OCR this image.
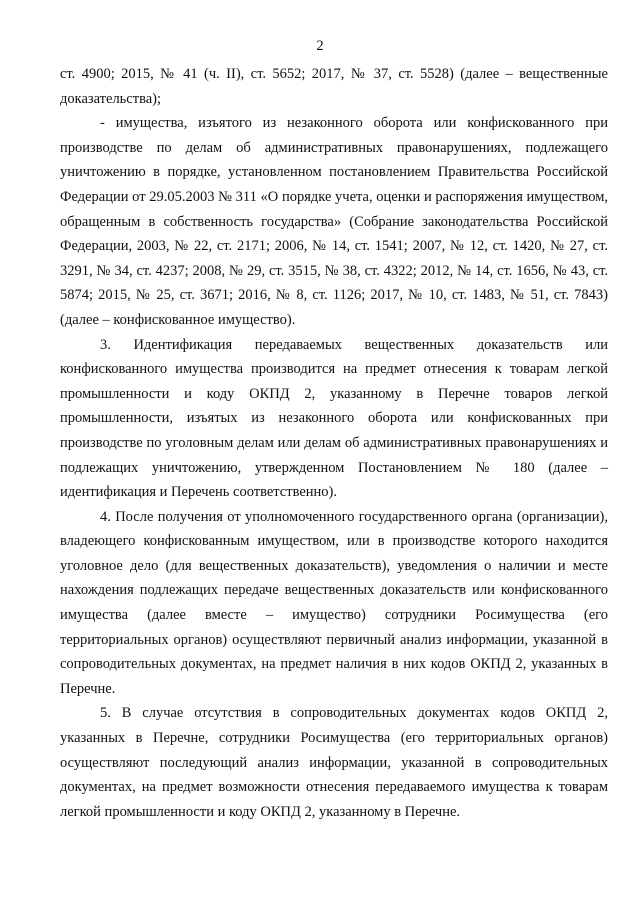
2

ст. 4900; 2015, № 41 (ч. II), ст. 5652; 2017, № 37, ст. 5528) (далее – вещественные доказательства);

- имущества, изъятого из незаконного оборота или конфискованного при производстве по делам об административных правонарушениях, подлежащего уничтожению в порядке, установленном постановлением Правительства Российской Федерации от 29.05.2003 № 311 «О порядке учета, оценки и распоряжения имуществом, обращенным в собственность государства» (Собрание законодательства Российской Федерации, 2003, № 22, ст. 2171; 2006, № 14, ст. 1541; 2007, № 12, ст. 1420, № 27, ст. 3291, № 34, ст. 4237; 2008, № 29, ст. 3515, № 38, ст. 4322; 2012, № 14, ст. 1656, № 43, ст. 5874; 2015, № 25, ст. 3671; 2016, № 8, ст. 1126; 2017, № 10, ст. 1483, № 51, ст. 7843) (далее – конфискованное имущество).

3. Идентификация передаваемых вещественных доказательств или конфискованного имущества производится на предмет отнесения к товарам легкой промышленности и коду ОКПД 2, указанному в Перечне товаров легкой промышленности, изъятых из незаконного оборота или конфискованных при производстве по уголовным делам или делам об административных правонарушениях и подлежащих уничтожению, утвержденном Постановлением № 180 (далее – идентификация и Перечень соответственно).

4. После получения от уполномоченного государственного органа (организации), владеющего конфискованным имуществом, или в производстве которого находится уголовное дело (для вещественных доказательств), уведомления о наличии и месте нахождения подлежащих передаче вещественных доказательств или конфискованного имущества (далее вместе – имущество) сотрудники Росимущества (его территориальных органов) осуществляют первичный анализ информации, указанной в сопроводительных документах, на предмет наличия в них кодов ОКПД 2, указанных в Перечне.

5. В случае отсутствия в сопроводительных документах кодов ОКПД 2, указанных в Перечне, сотрудники Росимущества (его территориальных органов) осуществляют последующий анализ информации, указанной в сопроводительных документах, на предмет возможности отнесения передаваемого имущества к товарам легкой промышленности и коду ОКПД 2, указанному в Перечне.
